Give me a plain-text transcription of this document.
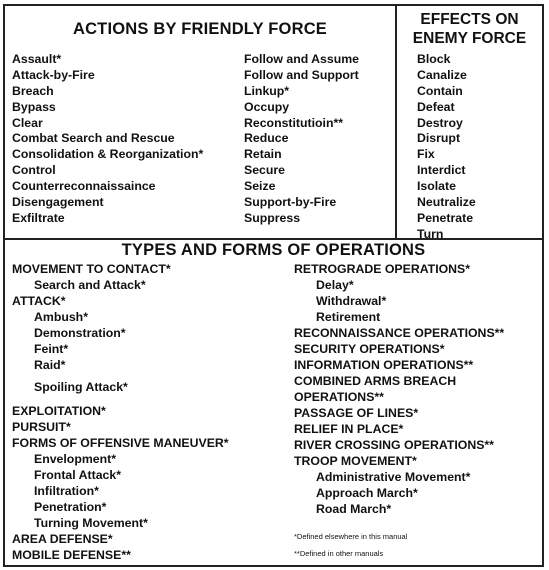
ACTIONS BY FRIENDLY FORCE
EFFECTS ON
ENEMY FORCE
Assault*
Attack-by-Fire
Breach
Bypass
Clear
Combat Search and Rescue
Consolidation & Reorganization*
Control
Counterreconnaissaince
Disengagement
Exfiltrate
Follow and Assume
Follow and Support
Linkup*
Occupy
Reconstitutioin**
Reduce
Retain
Secure
Seize
Support-by-Fire
Suppress
Block
Canalize
Contain
Defeat
Destroy
Disrupt
Fix
Interdict
Isolate
Neutralize
Penetrate
Turn
TYPES AND FORMS OF OPERATIONS
MOVEMENT TO CONTACT*
Search and Attack*
ATTACK*
Ambush*
Demonstration*
Feint*
Raid*
Spoiling Attack*
EXPLOITATION*
PURSUIT*
FORMS OF OFFENSIVE MANEUVER*
Envelopment*
Frontal Attack*
Infiltration*
Penetration*
Turning Movement*
AREA DEFENSE*
MOBILE DEFENSE**
RETROGRADE OPERATIONS*
Delay*
Withdrawal*
Retirement
RECONNAISSANCE OPERATIONS**
SECURITY OPERATIONS*
INFORMATION OPERATIONS**
COMBINED ARMS BREACH
OPERATIONS**
PASSAGE OF LINES*
RELIEF IN PLACE*
RIVER CROSSING OPERATIONS**
TROOP MOVEMENT*
Administrative Movement*
Approach March*
Road March*
*Defined elsewhere in this manual
**Defined in other manuals
